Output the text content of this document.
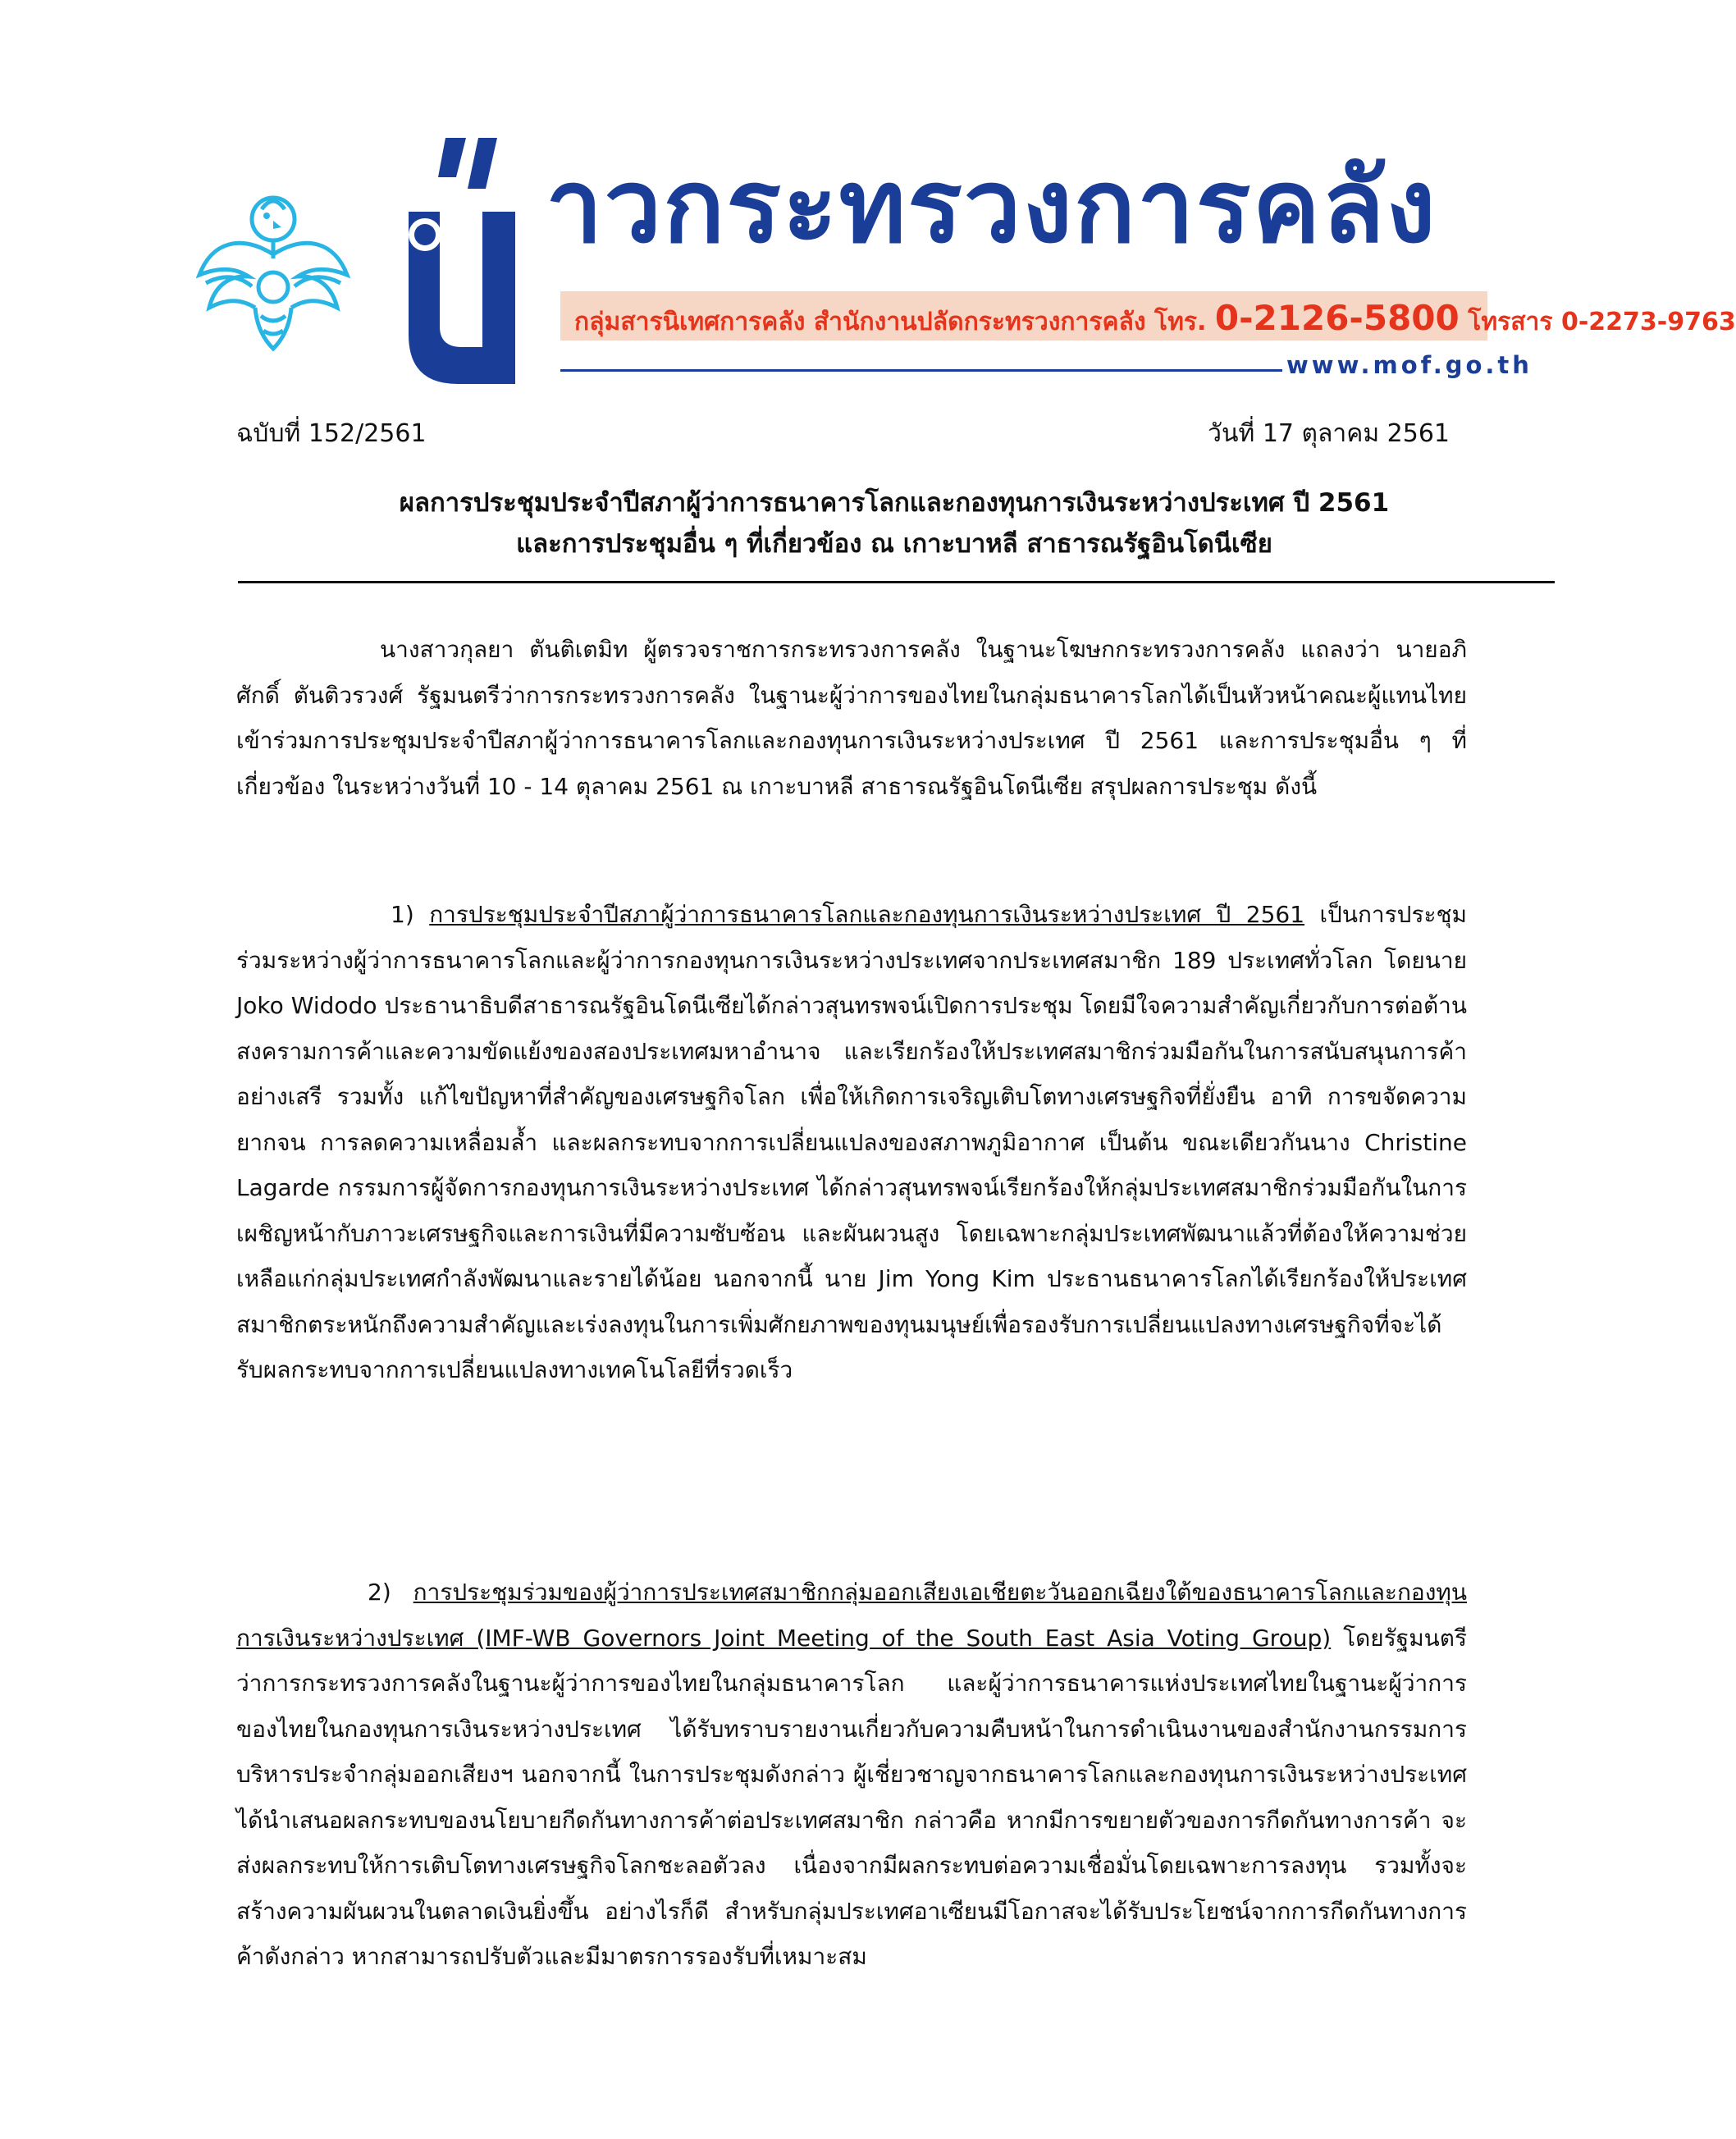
าวกระทรวงการคลัง
กลุ่มสารนิเทศการคลัง สำนักงานปลัดกระทรวงการคลัง โทร. 0-2126-5800 โทรสาร 0-2273-9763
www.mof.go.th
ฉบับที่ 152/2561	วันที่ 17 ตุลาคม 2561
ผลการประชุมประจำปีสภาผู้ว่าการธนาคารโลกและกองทุนการเงินระหว่างประเทศ ปี 2561
และการประชุมอื่น ๆ ที่เกี่ยวข้อง ณ เกาะบาหลี สาธารณรัฐอินโดนีเซีย
นางสาวกุลยา ตันติเตมิท ผู้ตรวจราชการกระทรวงการคลัง ในฐานะโฆษกกระทรวงการคลัง แถลงว่า นายอภิศักดิ์ ตันติวรวงศ์ รัฐมนตรีว่าการกระทรวงการคลัง ในฐานะผู้ว่าการของไทยในกลุ่มธนาคารโลกได้เป็นหัวหน้าคณะผู้แทนไทยเข้าร่วมการประชุมประจำปีสภาผู้ว่าการธนาคารโลกและกองทุนการเงินระหว่างประเทศ ปี 2561 และการประชุมอื่น ๆ ที่เกี่ยวข้อง ในระหว่างวันที่ 10 - 14 ตุลาคม 2561 ณ เกาะบาหลี สาธารณรัฐอินโดนีเซีย สรุปผลการประชุม ดังนี้
1) การประชุมประจำปีสภาผู้ว่าการธนาคารโลกและกองทุนการเงินระหว่างประเทศ ปี 2561 เป็นการประชุมร่วมระหว่างผู้ว่าการธนาคารโลกและผู้ว่าการกองทุนการเงินระหว่างประเทศจากประเทศสมาชิก 189 ประเทศทั่วโลก โดยนาย Joko Widodo ประธานาธิบดีสาธารณรัฐอินโดนีเซียได้กล่าวสุนทรพจน์เปิดการประชุม โดยมีใจความสำคัญเกี่ยวกับการต่อต้านสงครามการค้าและความขัดแย้งของสองประเทศมหาอำนาจ และเรียกร้องให้ประเทศสมาชิกร่วมมือกันในการสนับสนุนการค้าอย่างเสรี รวมทั้ง แก้ไขปัญหาที่สำคัญของเศรษฐกิจโลก เพื่อให้เกิดการเจริญเติบโตทางเศรษฐกิจที่ยั่งยืน อาทิ การขจัดความยากจน การลดความเหลื่อมล้ำ และผลกระทบจากการเปลี่ยนแปลงของสภาพภูมิอากาศ เป็นต้น ขณะเดียวกันนาง Christine Lagarde กรรมการผู้จัดการกองทุนการเงินระหว่างประเทศ ได้กล่าวสุนทรพจน์เรียกร้องให้กลุ่มประเทศสมาชิกร่วมมือกันในการเผชิญหน้ากับภาวะเศรษฐกิจและการเงินที่มีความซับซ้อน และผันผวนสูง โดยเฉพาะกลุ่มประเทศพัฒนาแล้วที่ต้องให้ความช่วยเหลือแก่กลุ่มประเทศกำลังพัฒนาและรายได้น้อย นอกจากนี้ นาย Jim Yong Kim ประธานธนาคารโลกได้เรียกร้องให้ประเทศสมาชิกตระหนักถึงความสำคัญและเร่งลงทุนในการเพิ่มศักยภาพของทุนมนุษย์เพื่อรองรับการเปลี่ยนแปลงทางเศรษฐกิจที่จะได้รับผลกระทบจากการเปลี่ยนแปลงทางเทคโนโลยีที่รวดเร็ว
2) การประชุมร่วมของผู้ว่าการประเทศสมาชิกกลุ่มออกเสียงเอเชียตะวันออกเฉียงใต้ของธนาคารโลกและกองทุนการเงินระหว่างประเทศ (IMF-WB Governors Joint Meeting of the South East Asia Voting Group) โดยรัฐมนตรีว่าการกระทรวงการคลังในฐานะผู้ว่าการของไทยในกลุ่มธนาคารโลก และผู้ว่าการธนาคารแห่งประเทศไทยในฐานะผู้ว่าการของไทยในกองทุนการเงินระหว่างประเทศ ได้รับทราบรายงานเกี่ยวกับความคืบหน้าในการดำเนินงานของสำนักงานกรรมการบริหารประจำกลุ่มออกเสียงฯ นอกจากนี้ ในการประชุมดังกล่าว ผู้เชี่ยวชาญจากธนาคารโลกและกองทุนการเงินระหว่างประเทศได้นำเสนอผลกระทบของนโยบายกีดกันทางการค้าต่อประเทศสมาชิก กล่าวคือ หากมีการขยายตัวของการกีดกันทางการค้า จะส่งผลกระทบให้การเติบโตทางเศรษฐกิจโลกชะลอตัวลง เนื่องจากมีผลกระทบต่อความเชื่อมั่นโดยเฉพาะการลงทุน รวมทั้งจะสร้างความผันผวนในตลาดเงินยิ่งขึ้น อย่างไรก็ดี สำหรับกลุ่มประเทศอาเซียนมีโอกาสจะได้รับประโยชน์จากการกีดกันทางการค้าดังกล่าว หากสามารถปรับตัวและมีมาตรการรองรับที่เหมาะสม
